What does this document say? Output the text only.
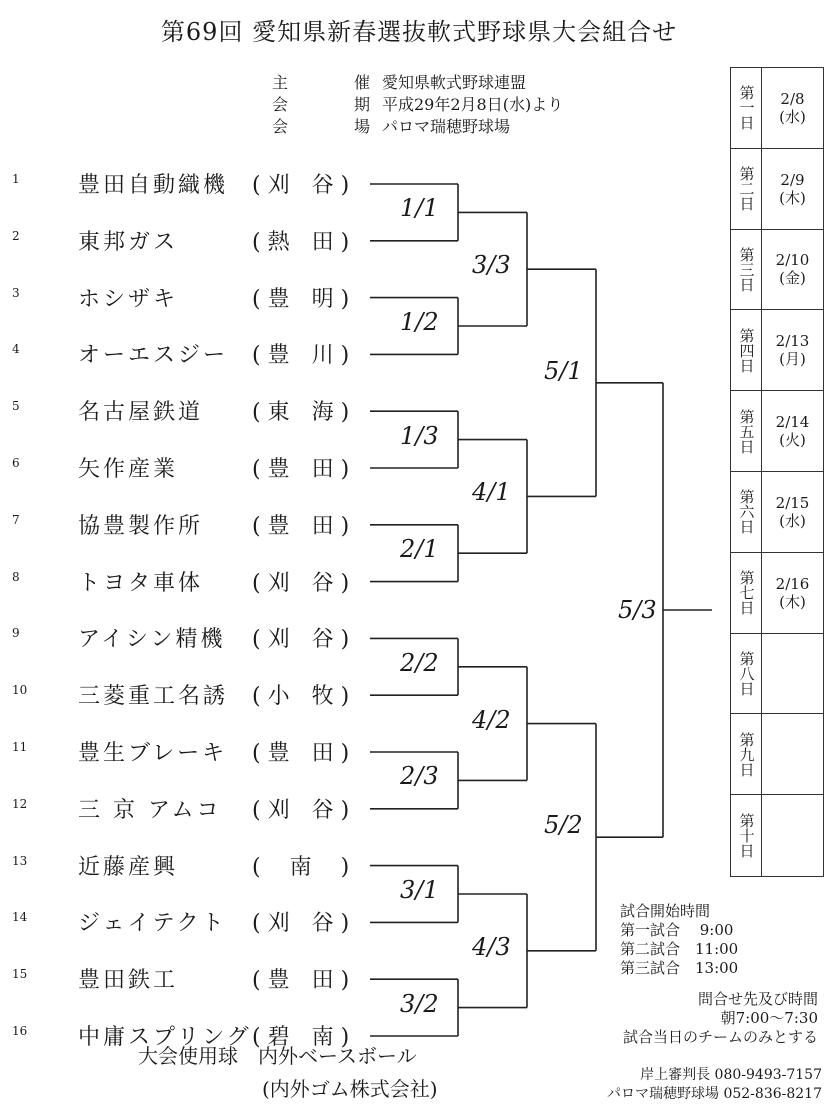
第69回 愛知県新春選抜軟式野球県大会組合せ
主	催 愛知県軟式野球連盟
会	期 平成29年2月8日(水)より
会	場 パロマ瑞穂野球場
1	豊田自動織機 ( 刈　谷 )
2	東邦ガス	( 熱　田 )
3	ホシザキ	( 豊　明 )
4	オーエスジー ( 豊　川 )
5	名古屋鉄道 ( 東　海 )
6	矢作産業	( 豊　田 )
7	協豊製作所 ( 豊　田 )
8	トヨタ車体 ( 刈　谷 )
9	アイシン精機 ( 刈　谷 )
10	三菱重工名誘 ( 小　牧 )
11	豊生ブレーキ ( 豊　田 )
12	三 京 アムコ ( 刈　谷 )
13	近藤産興	(　 南　 )
14	ジェイテクト ( 刈　谷 )
15	豊田鉄工	( 豊　田 )
16	中庸スプリング ( 碧　南 )
1/1
1/2
1/3
2/1
2/2
2/3
3/1
3/2
3/3
4/1
4/2
4/3
5/1
5/2
5/3
第一日	2/8
(水)
第二日	2/9
(木)
第三日	2/10
(金)
第四日	2/13
(月)
第五日	2/14
(火)
第六日	2/15
(水)
第七日	2/16
(木)
第八日
第九日
第十日
試合開始時間
第一試合　 9:00
第二試合　11:00
第三試合　13:00
問合せ先及び時間
朝7:00～7:30
試合当日のチームのみとする
岸上審判長 080-9493-7157
パロマ瑞穂野球場 052-836-8217
大会使用球　内外ベースボール
(内外ゴム株式会社)
